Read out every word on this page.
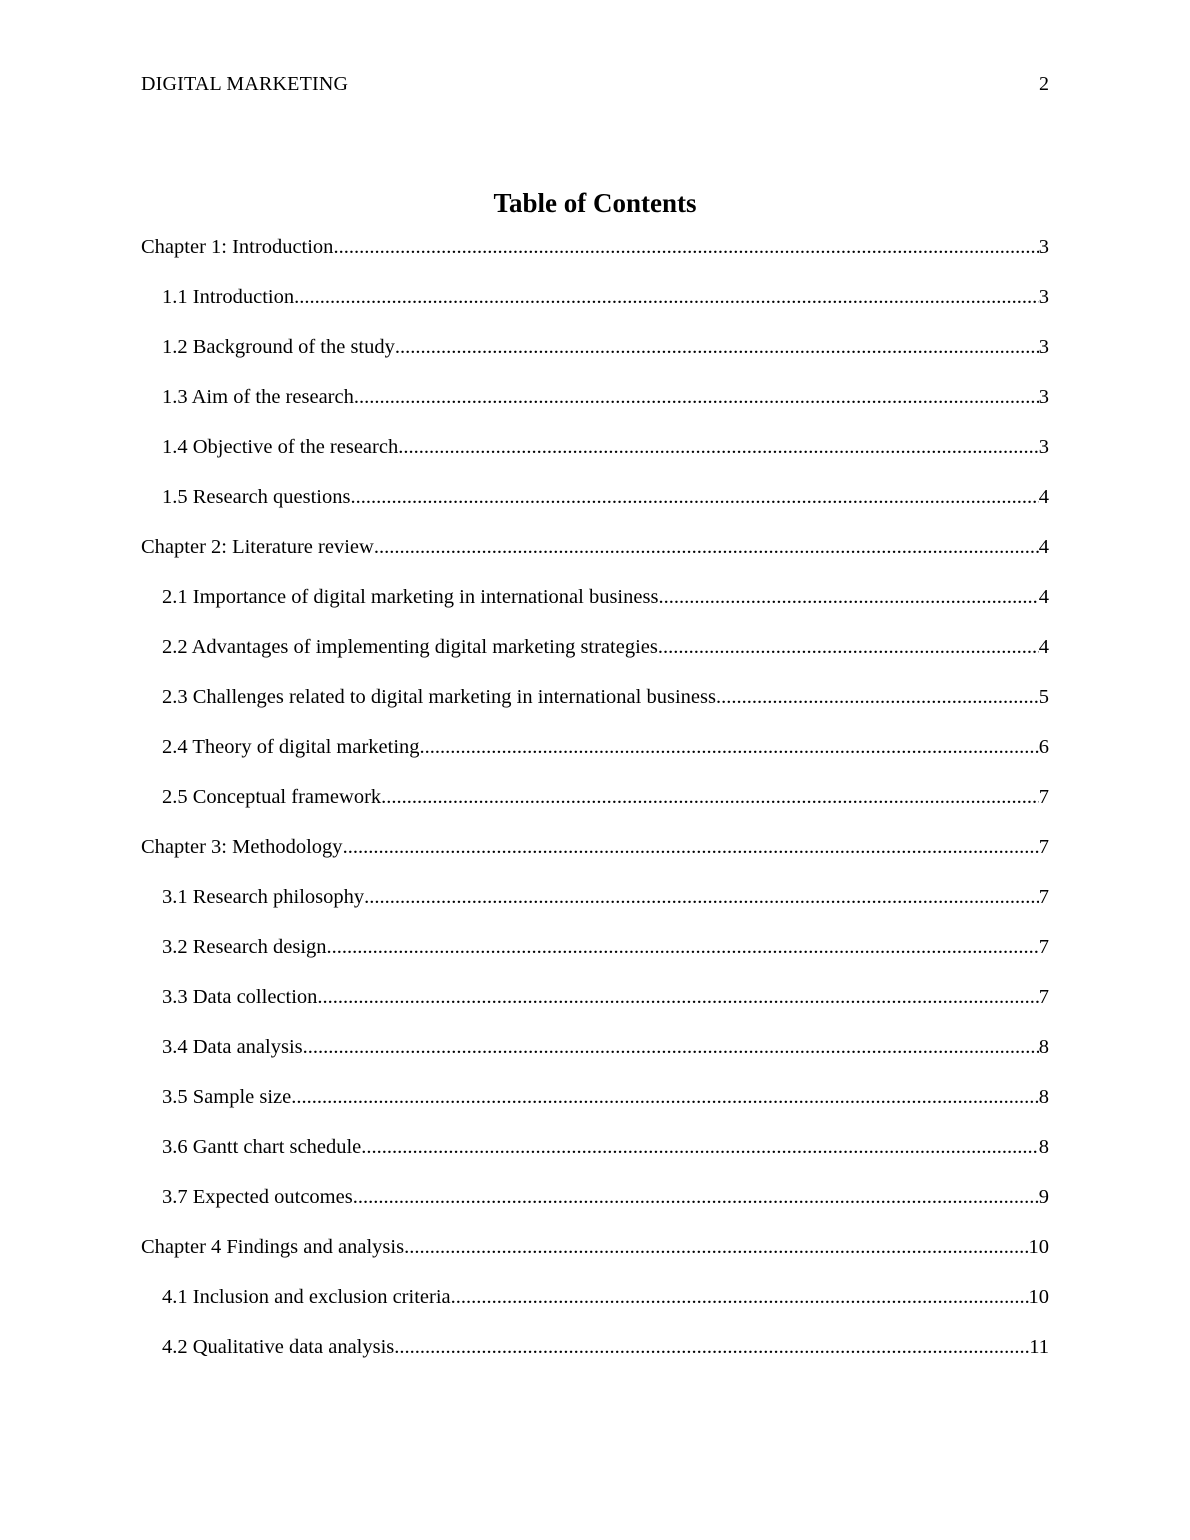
DIGITAL MARKETING	2
Table of Contents
Chapter 1: Introduction .....	3
1.1 Introduction .....	3
1.2 Background of the study .....	3
1.3 Aim of the research .....	3
1.4 Objective of the research .....	3
1.5 Research questions .....	4
Chapter 2: Literature review .....	4
2.1 Importance of digital marketing in international business .....	4
2.2 Advantages of implementing digital marketing strategies .....	4
2.3 Challenges related to digital marketing in international business .....	5
2.4 Theory of digital marketing .....	6
2.5 Conceptual framework .....	7
Chapter 3: Methodology .....	7
3.1 Research philosophy .....	7
3.2 Research design .....	7
3.3 Data collection .....	7
3.4 Data analysis .....	8
3.5 Sample size .....	8
3.6 Gantt chart schedule .....	8
3.7 Expected outcomes .....	9
Chapter 4 Findings and analysis .....	10
4.1 Inclusion and exclusion criteria .....	10
4.2 Qualitative data analysis .....	11
